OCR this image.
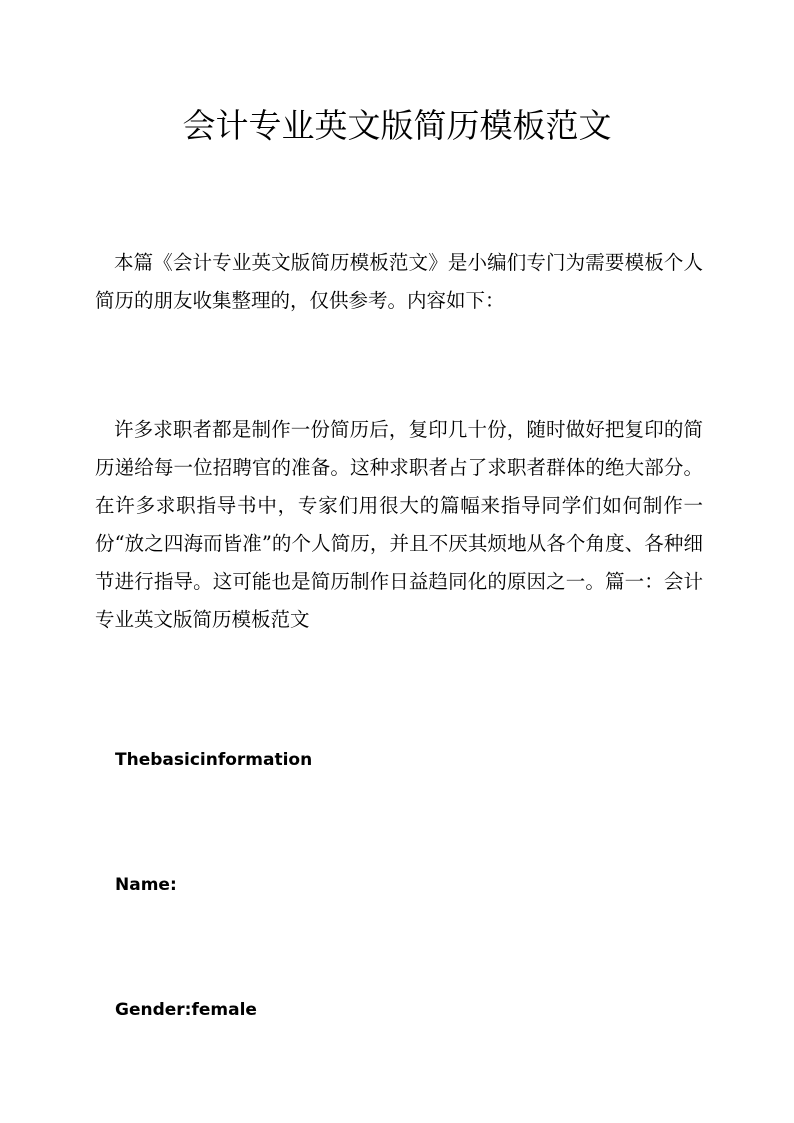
会计专业英文版简历模板范文

本篇《会计专业英文版简历模板范文》是小编们专门为需要模板个人简历的朋友收集整理的，仅供参考。内容如下：

许多求职者都是制作一份简历后，复印几十份，随时做好把复印的简历递给每一位招聘官的准备。这种求职者占了求职者群体的绝大部分。在许多求职指导书中，专家们用很大的篇幅来指导同学们如何制作一份“放之四海而皆准”的个人简历，并且不厌其烦地从各个角度、各种细节进行指导。这可能也是简历制作日益趋同化的原因之一。篇一：会计专业英文版简历模板范文

Thebasicinformation

Name:

Gender:female
